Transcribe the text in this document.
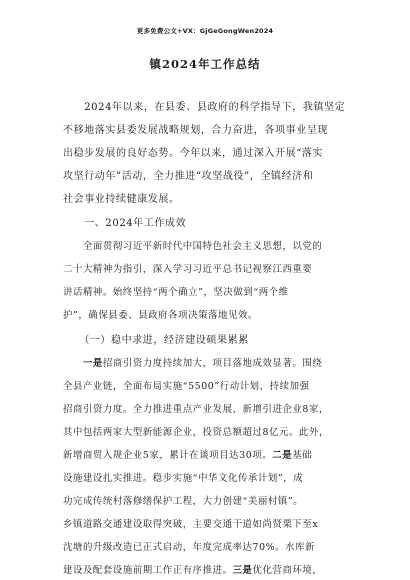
更多免费公文+VX：GjGeGongWen2024
镇2024年工作总结
　　2024年以来，在县委、县政府的科学指导下，我镇坚定
不移地落实县委发展战略规划，合力奋进，各项事业呈现
出稳步发展的良好态势。今年以来，通过深入开展“落实
攻坚行动年”活动，全力推进“攻坚战役”，全镇经济和
社会事业持续健康发展。
　　一、2024年工作成效
　　全面贯彻习近平新时代中国特色社会主义思想，以党的
二十大精神为指引，深入学习习近平总书记视察江西重要
讲话精神。始终坚持“两个确立”，坚决做到“两个维
护”，确保县委、县政府各项决策落地见效。
　　（一）稳中求进，经济建设硕果累累
　　一是招商引资力度持续加大，项目落地成效显著。围绕
全县产业链，全面布局实施“5500”行动计划，持续加强
招商引资力度。全力推进重点产业发展，新增引进企业8家，
其中包括两家大型新能源企业，投资总额超过8亿元。此外，
新增商贸入规企业5家，累计在谈项目达30项。二是基础
设施建设扎实推进。稳步实施“中华文化传承计划”，成
功完成传统村落修缮保护工程，大力创建“美丽村镇”。
乡镇道路交通建设取得突破，主要交通干道如尚贤栗下至x
沈塘的升级改造已正式启动，年度完成率达70%。水库新
建设及配套设施前期工作正有序推进。三是优化营商环境，
